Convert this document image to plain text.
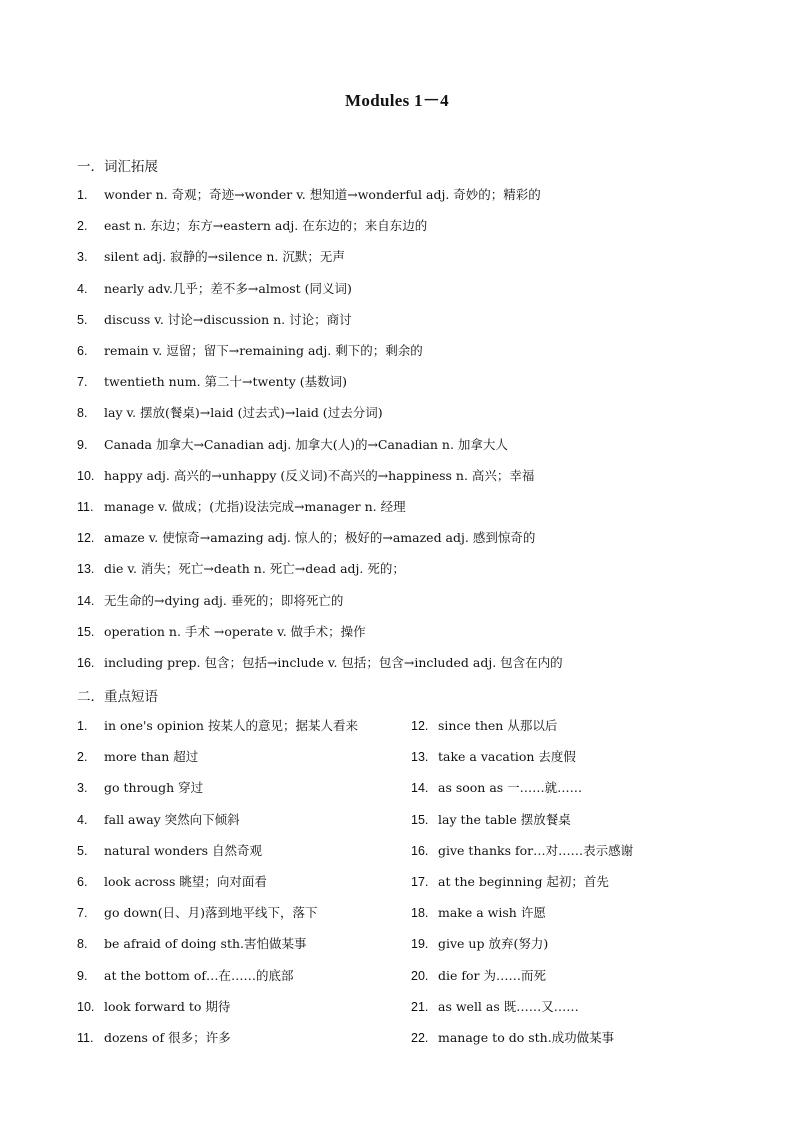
Modules 1－4
一．词汇拓展
1. wonder n. 奇观；奇迹→wonder v. 想知道→wonderful adj. 奇妙的；精彩的
2. east n. 东边；东方→eastern adj. 在东边的；来自东边的
3. silent adj. 寂静的→silence n. 沉默；无声
4. nearly adv.几乎；差不多→almost (同义词)
5. discuss v. 讨论→discussion n. 讨论；商讨
6. remain v. 逗留；留下→remaining adj. 剩下的；剩余的
7. twentieth num. 第二十→twenty (基数词)
8. lay v. 摆放(餐桌)→laid (过去式)→laid (过去分词)
9. Canada 加拿大→Canadian adj. 加拿大(人)的→Canadian n. 加拿大人
10. happy adj. 高兴的→unhappy (反义词)不高兴的→happiness n. 高兴；幸福
11. manage v. 做成；(尤指)设法完成→manager n. 经理
12. amaze v. 使惊奇→amazing adj. 惊人的；极好的→amazed adj. 感到惊奇的
13. die v. 消失；死亡→death n. 死亡→dead adj. 死的；
14. 无生命的→dying adj. 垂死的；即将死亡的
15. operation n. 手术 →operate v. 做手术；操作
16. including prep. 包含；包括→include v. 包括；包含→included adj. 包含在内的
二．重点短语
1. in one's opinion 按某人的意见；据某人看来
2. more than 超过
3. go through 穿过
4. fall away 突然向下倾斜
5. natural wonders 自然奇观
6. look across 眺望；向对面看
7. go down(日、月)落到地平线下，落下
8. be afraid of doing sth.害怕做某事
9. at the bottom of…在……的底部
10. look forward to 期待
11. dozens of 很多；许多
12. since then 从那以后
13. take a vacation 去度假
14. as soon as 一……就……
15. lay the table 摆放餐桌
16. give thanks for…对……表示感谢
17. at the beginning 起初；首先
18. make a wish 许愿
19. give up 放弃(努力)
20. die for 为……而死
21. as well as 既……又……
22. manage to do sth.成功做某事
